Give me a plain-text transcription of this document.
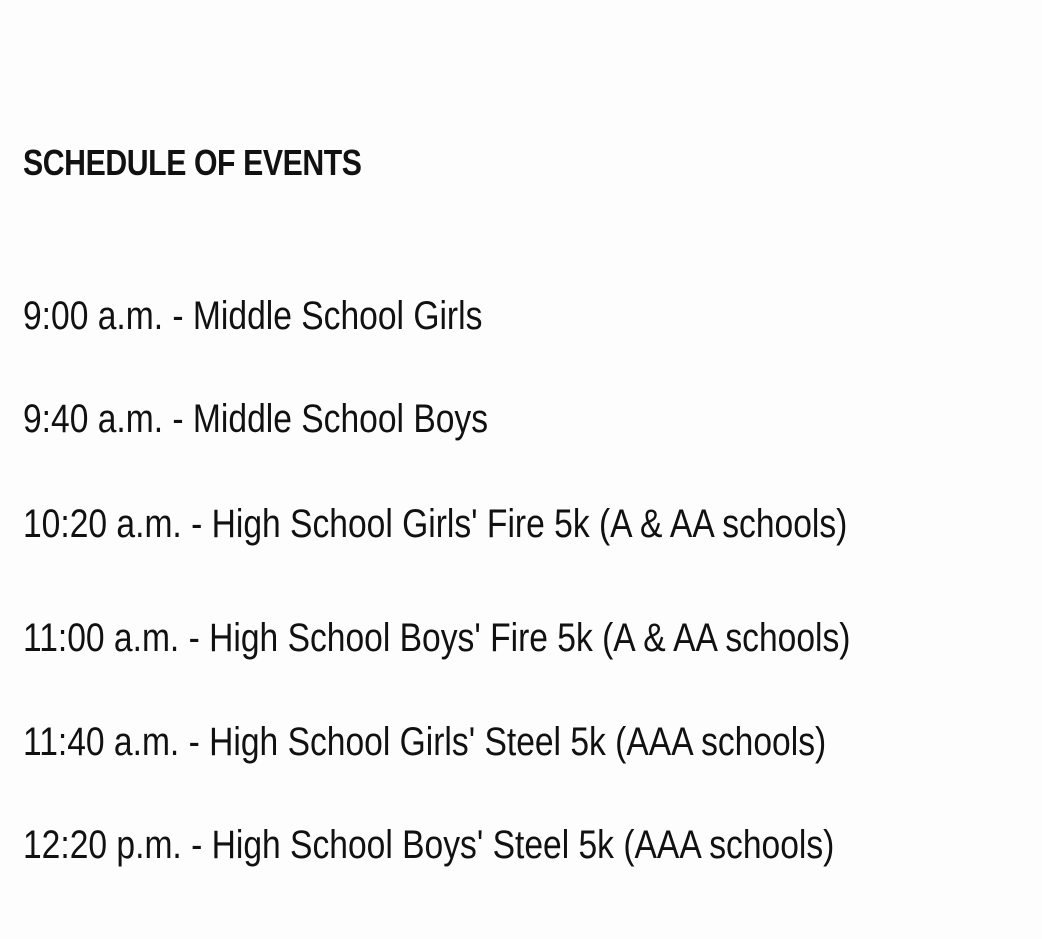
SCHEDULE OF EVENTS

9:00 a.m. - Middle School Girls

9:40 a.m. - Middle School Boys

10:20 a.m. - High School Girls' Fire 5k (A & AA schools)

11:00 a.m. - High School Boys' Fire 5k (A & AA schools)

11:40 a.m. - High School Girls' Steel 5k (AAA schools)

12:20 p.m. - High School Boys' Steel 5k (AAA schools)
